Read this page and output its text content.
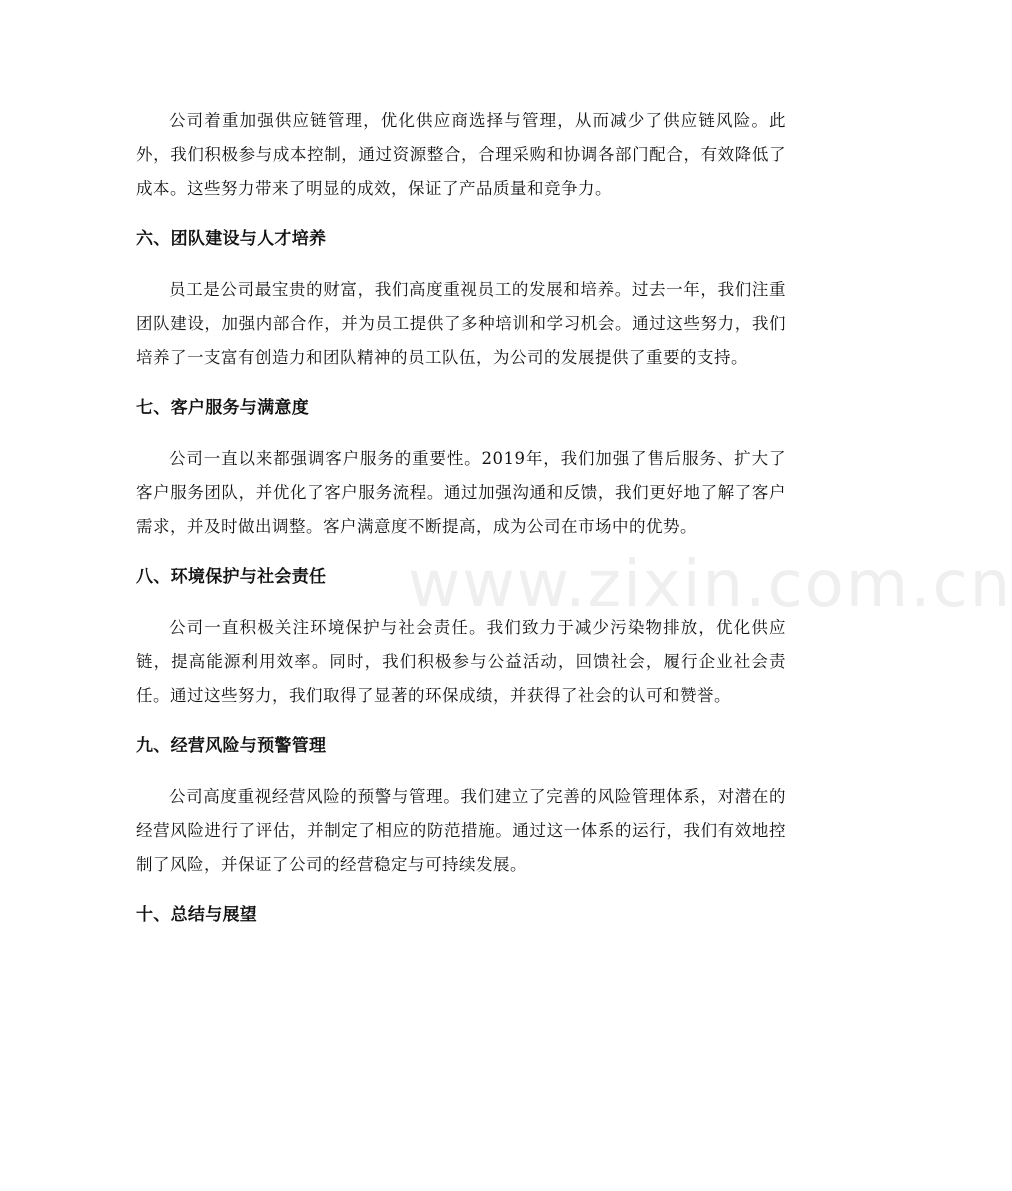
公司着重加强供应链管理，优化供应商选择与管理，从而减少了供应链风险。此外，我们积极参与成本控制，通过资源整合，合理采购和协调各部门配合，有效降低了成本。这些努力带来了明显的成效，保证了产品质量和竞争力。

六、团队建设与人才培养

员工是公司最宝贵的财富，我们高度重视员工的发展和培养。过去一年，我们注重团队建设，加强内部合作，并为员工提供了多种培训和学习机会。通过这些努力，我们培养了一支富有创造力和团队精神的员工队伍，为公司的发展提供了重要的支持。

七、客户服务与满意度

公司一直以来都强调客户服务的重要性。2019年，我们加强了售后服务、扩大了客户服务团队，并优化了客户服务流程。通过加强沟通和反馈，我们更好地了解了客户需求，并及时做出调整。客户满意度不断提高，成为公司在市场中的优势。

八、环境保护与社会责任

公司一直积极关注环境保护与社会责任。我们致力于减少污染物排放，优化供应链，提高能源利用效率。同时，我们积极参与公益活动，回馈社会，履行企业社会责任。通过这些努力，我们取得了显著的环保成绩，并获得了社会的认可和赞誉。

九、经营风险与预警管理

公司高度重视经营风险的预警与管理。我们建立了完善的风险管理体系，对潜在的经营风险进行了评估，并制定了相应的防范措施。通过这一体系的运行，我们有效地控制了风险，并保证了公司的经营稳定与可持续发展。

十、总结与展望
www.zixin.com.cn
